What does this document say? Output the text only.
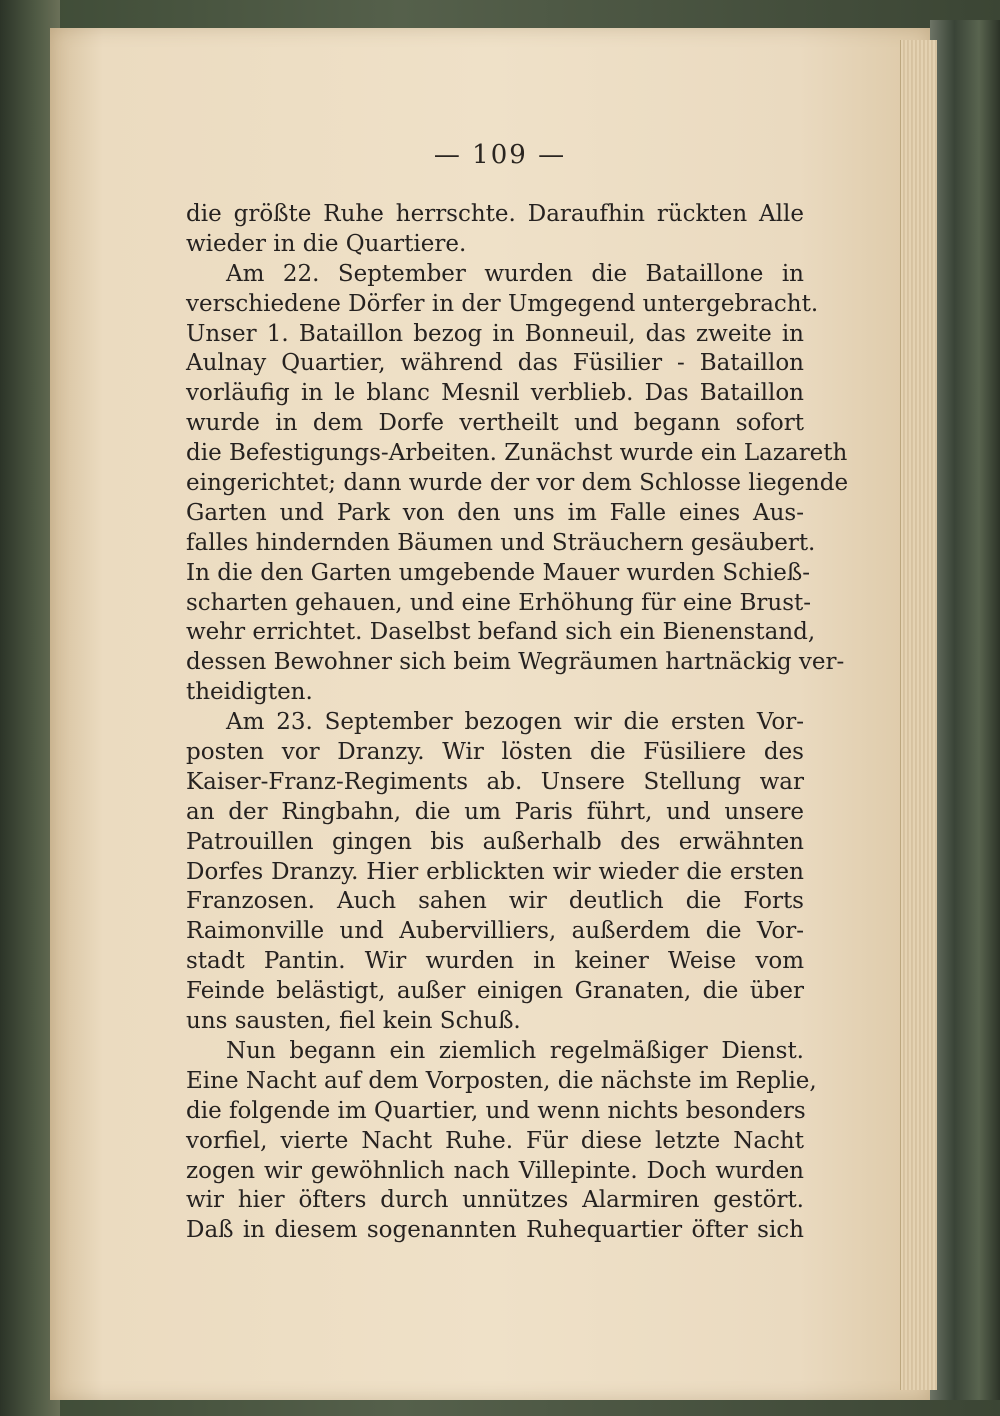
— 109 —
die größte Ruhe herrschte. Daraufhin rückten Alle
wieder in die Quartiere.
Am 22. September wurden die Bataillone in
verschiedene Dörfer in der Umgegend untergebracht.
Unser 1. Bataillon bezog in Bonneuil, das zweite in
Aulnay Quartier, während das Füsilier - Bataillon
vorläufig in le blanc Mesnil verblieb. Das Bataillon
wurde in dem Dorfe vertheilt und begann sofort
die Befestigungs-Arbeiten. Zunächst wurde ein Lazareth
eingerichtet; dann wurde der vor dem Schlosse liegende
Garten und Park von den uns im Falle eines Aus-
falles hindernden Bäumen und Sträuchern gesäubert.
In die den Garten umgebende Mauer wurden Schieß-
scharten gehauen, und eine Erhöhung für eine Brust-
wehr errichtet. Daselbst befand sich ein Bienenstand,
dessen Bewohner sich beim Wegräumen hartnäckig ver-
theidigten.
Am 23. September bezogen wir die ersten Vor-
posten vor Dranzy. Wir lösten die Füsiliere des
Kaiser-Franz-Regiments ab. Unsere Stellung war
an der Ringbahn, die um Paris führt, und unsere
Patrouillen gingen bis außerhalb des erwähnten
Dorfes Dranzy. Hier erblickten wir wieder die ersten
Franzosen. Auch sahen wir deutlich die Forts
Raimonville und Aubervilliers, außerdem die Vor-
stadt Pantin. Wir wurden in keiner Weise vom
Feinde belästigt, außer einigen Granaten, die über
uns sausten, fiel kein Schuß.
Nun begann ein ziemlich regelmäßiger Dienst.
Eine Nacht auf dem Vorposten, die nächste im Replie,
die folgende im Quartier, und wenn nichts besonders
vorfiel, vierte Nacht Ruhe. Für diese letzte Nacht
zogen wir gewöhnlich nach Villepinte. Doch wurden
wir hier öfters durch unnützes Alarmiren gestört.
Daß in diesem sogenannten Ruhequartier öfter sich
